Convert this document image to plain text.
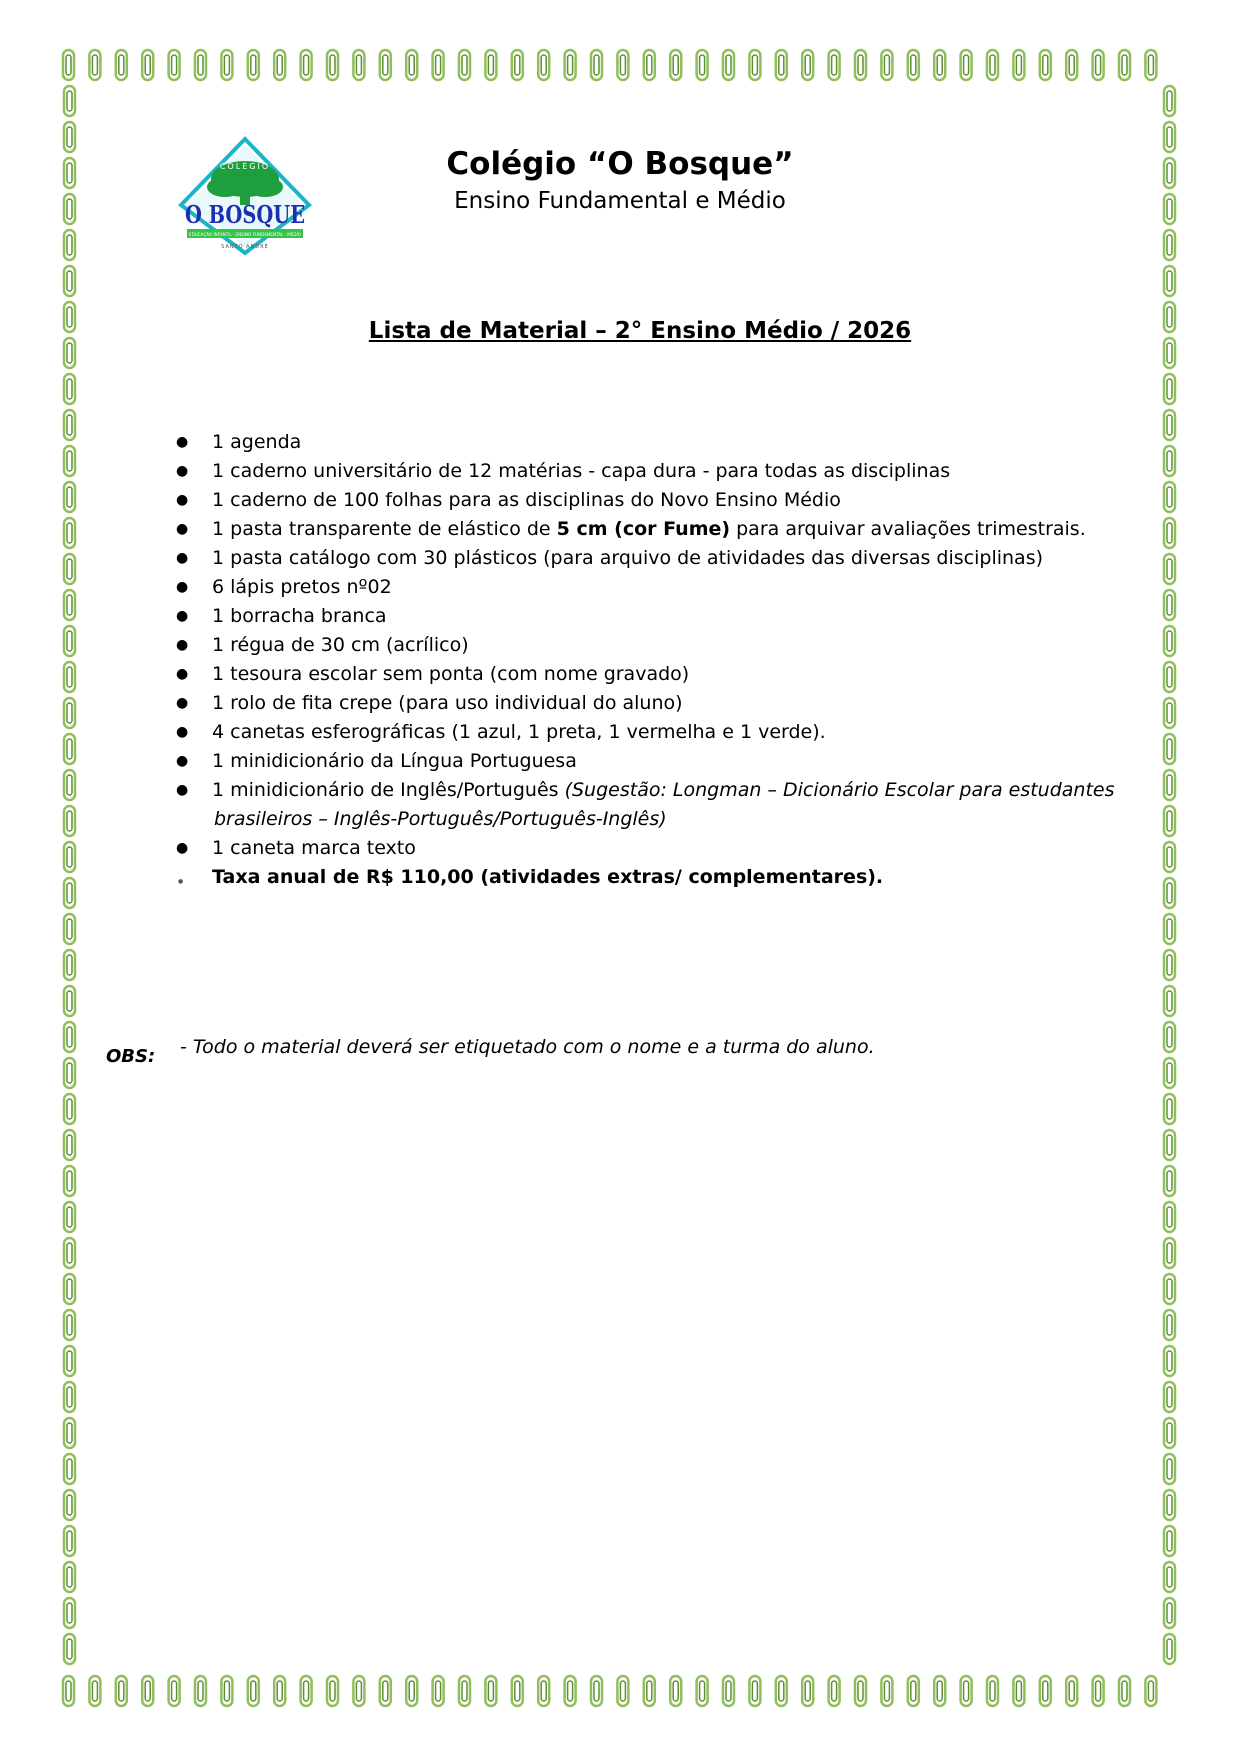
COLÉGIO
O BOSQUE
EDUCAÇÃO INFANTIL · ENSINO FUNDAMENTAL · MÉDIO
SANTO ANDRÉ
Colégio “O Bosque”
Ensino Fundamental e Médio
Lista de Material – 2° Ensino Médio / 2026
● 1 agenda
● 1 caderno universitário de 12 matérias - capa dura - para todas as disciplinas
● 1 caderno de 100 folhas para as disciplinas do Novo Ensino Médio
● 1 pasta transparente de elástico de 5 cm (cor Fume) para arquivar avaliações trimestrais.
● 1 pasta catálogo com 30 plásticos (para arquivo de atividades das diversas disciplinas)
● 6 lápis pretos nº02
● 1 borracha branca
● 1 régua de 30 cm (acrílico)
● 1 tesoura escolar sem ponta (com nome gravado)
● 1 rolo de fita crepe (para uso individual do aluno)
● 4 canetas esferográficas (1 azul, 1 preta, 1 vermelha e 1 verde).
● 1 minidicionário da Língua Portuguesa
● 1 minidicionário de Inglês/Português (Sugestão: Longman – Dicionário Escolar para estudantes
brasileiros – Inglês-Português/Português-Inglês)
● 1 caneta marca texto
● Taxa anual de R$ 110,00 (atividades extras/ complementares).
OBS: - Todo o material deverá ser etiquetado com o nome e a turma do aluno.
